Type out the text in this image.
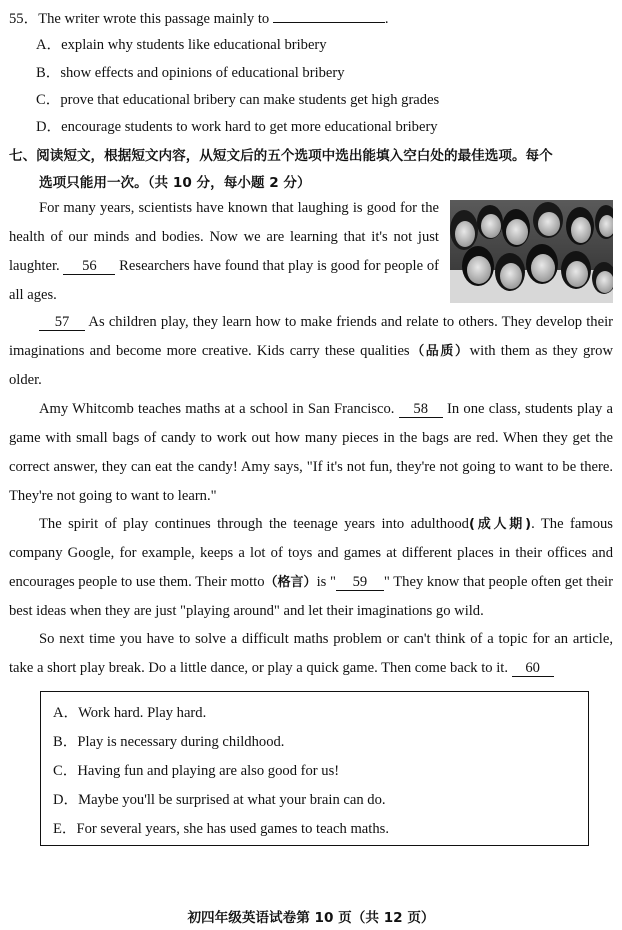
55．The writer wrote this passage mainly to	.
A．explain why students like educational bribery
B．show effects and opinions of educational bribery
C．prove that educational bribery can make students get high grades
D．encourage students to work hard to get more educational bribery
七、阅读短文，根据短文内容，从短文后的五个选项中选出能填入空白处的最佳选项。每个
选项只能用一次。（共 10 分，每小题 2 分）

For many years, scientists have known that laughing is good for the health of our minds and bodies. Now we are learning that it's not just laughter. 56 Researchers have found that play is good for people of all ages.

57 As children play, they learn how to make friends and relate to others. They develop their imaginations and become more creative. Kids carry these qualities（品质）with them as they grow older.

Amy Whitcomb teaches maths at a school in San Francisco. 58 In one class, students play a game with small bags of candy to work out how many pieces in the bags are red. When they get the correct answer, they can eat the candy! Amy says, "If it's not fun, they're not going to want to be there. They're not going to want to learn."

The spirit of play continues through the teenage years into adulthood(成人期). The famous company Google, for example, keeps a lot of toys and games at different places in their offices and encourages people to use them. Their motto（格言）is " 59 " They know that people often get their best ideas when they are just "playing around" and let their imaginations go wild.

So next time you have to solve a difficult maths problem or can't think of a topic for an article, take a short play break. Do a little dance, or play a quick game. Then come back to it. 60

A．Work hard. Play hard.
B．Play is necessary during childhood.
C．Having fun and playing are also good for us!
D．Maybe you'll be surprised at what your brain can do.
E．For several years, she has used games to teach maths.
初四年级英语试卷第 10 页（共 12 页）
